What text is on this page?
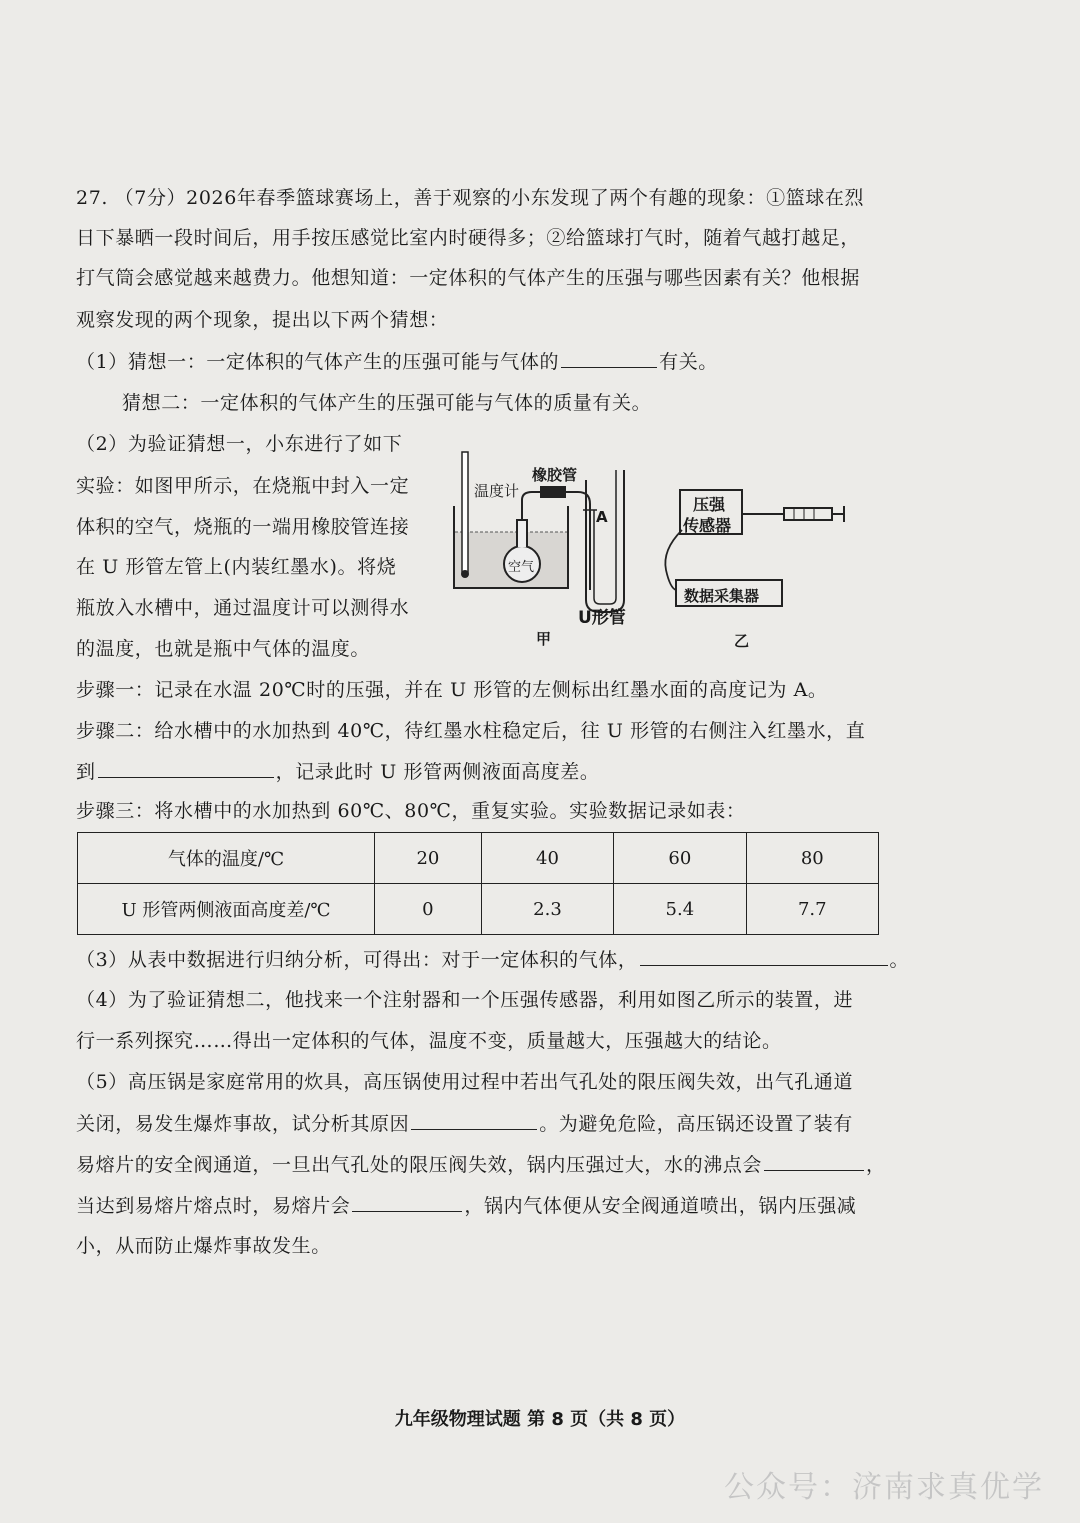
27. （7分）2026年春季篮球赛场上，善于观察的小东发现了两个有趣的现象：①篮球在烈
日下暴晒一段时间后，用手按压感觉比室内时硬得多；②给篮球打气时，随着气越打越足，
打气筒会感觉越来越费力。他想知道：一定体积的气体产生的压强与哪些因素有关？他根据
观察发现的两个现象，提出以下两个猜想：
（1）猜想一：一定体积的气体产生的压强可能与气体的	有关。
猜想二：一定体积的气体产生的压强可能与气体的质量有关。
（2）为验证猜想一，小东进行了如下
实验：如图甲所示，在烧瓶中封入一定
体积的空气，烧瓶的一端用橡胶管连接
在 U 形管左管上(内装红墨水)。将烧
瓶放入水槽中，通过温度计可以测得水
的温度，也就是瓶中气体的温度。
温度计
橡胶管
A
空气
U形管
甲
压强
传感器
数据采集器
乙
步骤一：记录在水温 20℃时的压强，并在 U 形管的左侧标出红墨水面的高度记为 A。
步骤二：给水槽中的水加热到 40℃，待红墨水柱稳定后，往 U 形管的右侧注入红墨水，直
到	，记录此时 U 形管两侧液面高度差。
步骤三：将水槽中的水加热到 60℃、80℃，重复实验。实验数据记录如表：
气体的温度/℃	20	40	60	80
U 形管两侧液面高度差/℃	0	2.3	5.4	7.7
（3）从表中数据进行归纳分析，可得出：对于一定体积的气体，	。
（4）为了验证猜想二，他找来一个注射器和一个压强传感器，利用如图乙所示的装置，进
行一系列探究……得出一定体积的气体，温度不变，质量越大，压强越大的结论。
（5）高压锅是家庭常用的炊具，高压锅使用过程中若出气孔处的限压阀失效，出气孔通道
关闭，易发生爆炸事故，试分析其原因	。为避免危险，高压锅还设置了装有
易熔片的安全阀通道，一旦出气孔处的限压阀失效，锅内压强过大，水的沸点会	，
当达到易熔片熔点时，易熔片会	，锅内气体便从安全阀通道喷出，锅内压强减
小，从而防止爆炸事故发生。
九年级物理试题 第 8 页（共 8 页）
公众号：济南求真优学
